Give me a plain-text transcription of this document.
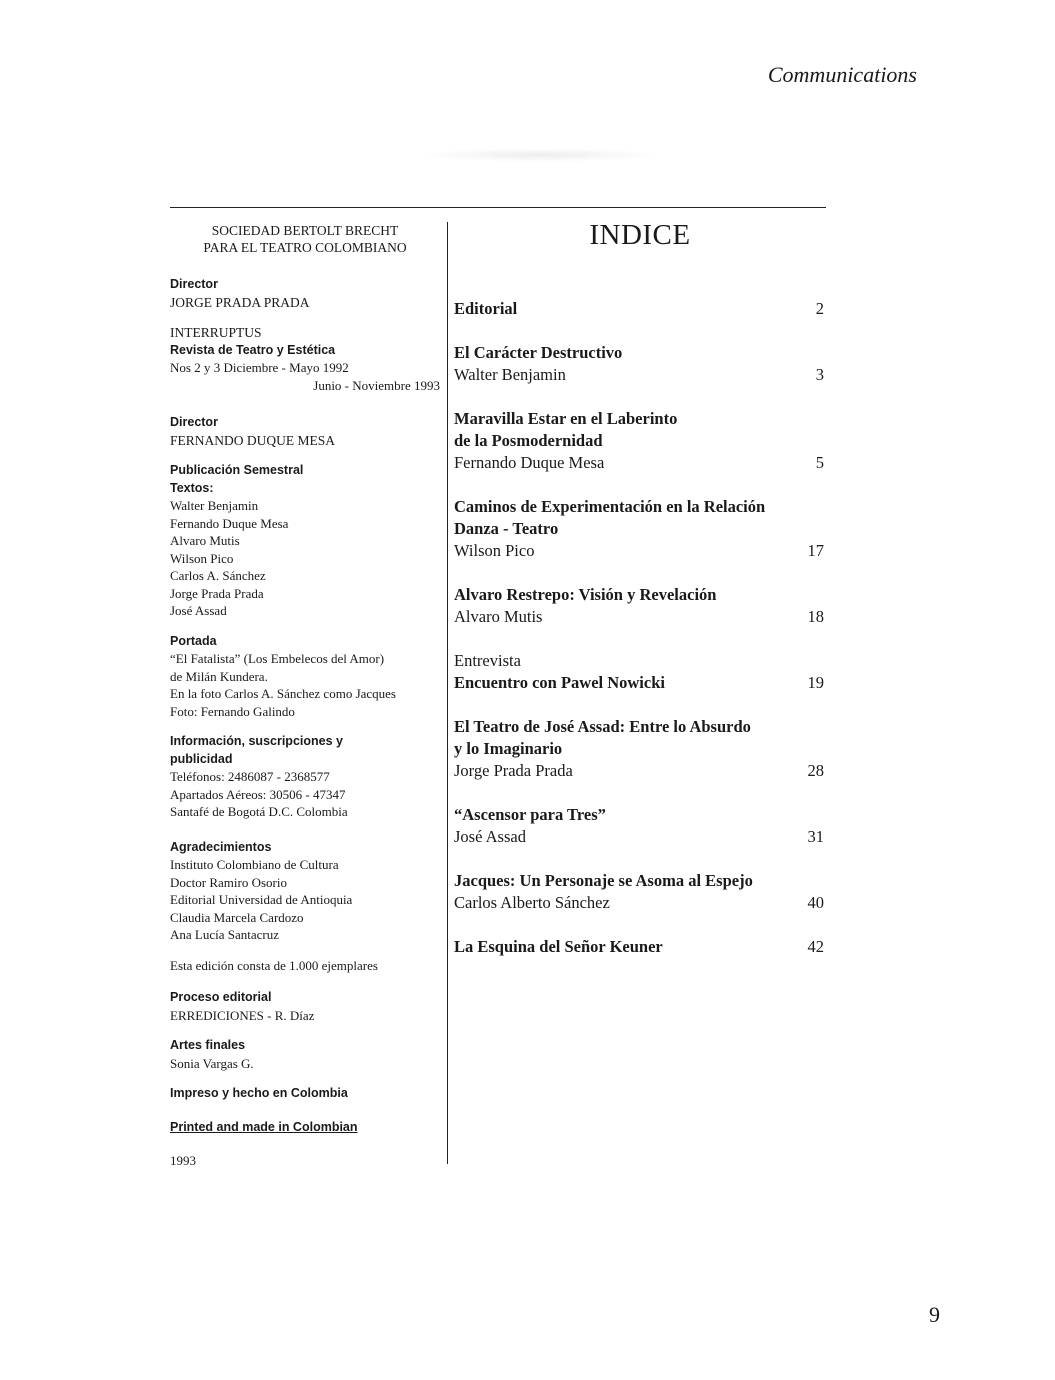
Communications
SOCIEDAD BERTOLT BRECHT
PARA EL TEATRO COLOMBIANO
Director
JORGE PRADA PRADA
INTERRUPTUS
Revista de Teatro y Estética
Nos 2 y 3 Diciembre - Mayo 1992
Junio - Noviembre 1993
Director
FERNANDO DUQUE MESA
Publicación Semestral
Textos:
Walter Benjamin
Fernando Duque Mesa
Alvaro Mutis
Wilson Pico
Carlos A. Sánchez
Jorge Prada Prada
José Assad
Portada
“El Fatalista” (Los Embelecos del Amor)
de Milán Kundera.
En la foto Carlos A. Sánchez como Jacques
Foto: Fernando Galindo
Información, suscripciones y
publicidad
Teléfonos: 2486087 - 2368577
Apartados Aéreos: 30506 - 47347
Santafé de Bogotá D.C. Colombia
Agradecimientos
Instituto Colombiano de Cultura
Doctor Ramiro Osorio
Editorial Universidad de Antioquia
Claudia Marcela Cardozo
Ana Lucía Santacruz
Esta edición consta de 1.000 ejemplares
Proceso editorial
ERREDICIONES - R. Díaz
Artes finales
Sonia Vargas G.
Impreso y hecho en Colombia
Printed and made in Colombian
1993
INDICE
Editorial	2
El Carácter Destructivo
Walter Benjamin	3
Maravilla Estar en el Laberinto
de la Posmodernidad
Fernando Duque Mesa	5
Caminos de Experimentación en la Relación
Danza - Teatro
Wilson Pico	17
Alvaro Restrepo: Visión y Revelación
Alvaro Mutis	18
Entrevista
Encuentro con Pawel Nowicki	19
El Teatro de José Assad: Entre lo Absurdo
y lo Imaginario
Jorge Prada Prada	28
“Ascensor para Tres”
José Assad	31
Jacques: Un Personaje se Asoma al Espejo
Carlos Alberto Sánchez	40
La Esquina del Señor Keuner	42
9
